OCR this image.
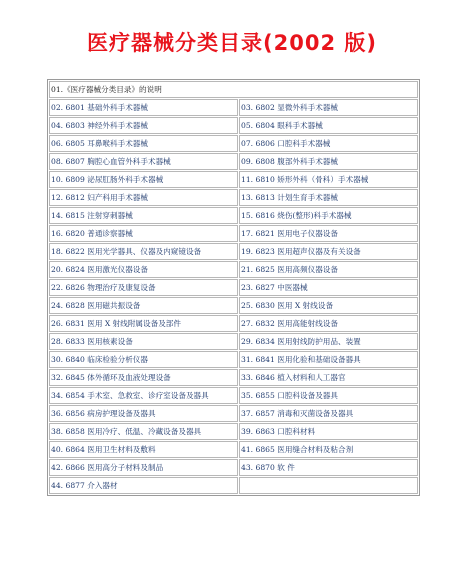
医疗器械分类目录(2002 版)
01.《医疗器械分类目录》的说明	
02. 6801 基础外科手术器械	03. 6802 显微外科手术器械
04. 6803 神经外科手术器械	05. 6804 眼科手术器械
06. 6805 耳鼻喉科手术器械	07. 6806 口腔科手术器械
08. 6807 胸腔心血管外科手术器械	09. 6808 腹部外科手术器械
10. 6809 泌尿肛肠外科手术器械	11. 6810 矫形外科（骨科）手术器械
12. 6812 妇产科用手术器械	13. 6813 计划生育手术器械
14. 6815 注射穿刺器械	15. 6816 烧伤(整形)科手术器械
16. 6820 普通诊察器械	17. 6821 医用电子仪器设备
18. 6822 医用光学器具、仪器及内窥镜设备	19. 6823 医用超声仪器及有关设备
20. 6824 医用激光仪器设备	21. 6825 医用高频仪器设备
22. 6826 物理治疗及康复设备	23. 6827 中医器械
24. 6828 医用磁共振设备	25. 6830 医用 X 射线设备
26. 6831 医用 X 射线附属设备及部件	27. 6832 医用高能射线设备
28. 6833 医用核素设备	29. 6834 医用射线防护用品、装置
30. 6840 临床检验分析仪器	31. 6841 医用化验和基础设备器具
32. 6845 体外循环及血液处理设备	33. 6846 植入材料和人工器官
34. 6854 手术室、急救室、诊疗室设备及器具	35. 6855 口腔科设备及器具
36. 6856 病房护理设备及器具	37. 6857 消毒和灭菌设备及器具
38. 6858 医用冷疗、低温、冷藏设备及器具	39. 6863 口腔科材料
40. 6864 医用卫生材料及敷料	41. 6865 医用缝合材料及粘合剂
42. 6866 医用高分子材料及制品	43. 6870 软 件
44. 6877 介入器材	
